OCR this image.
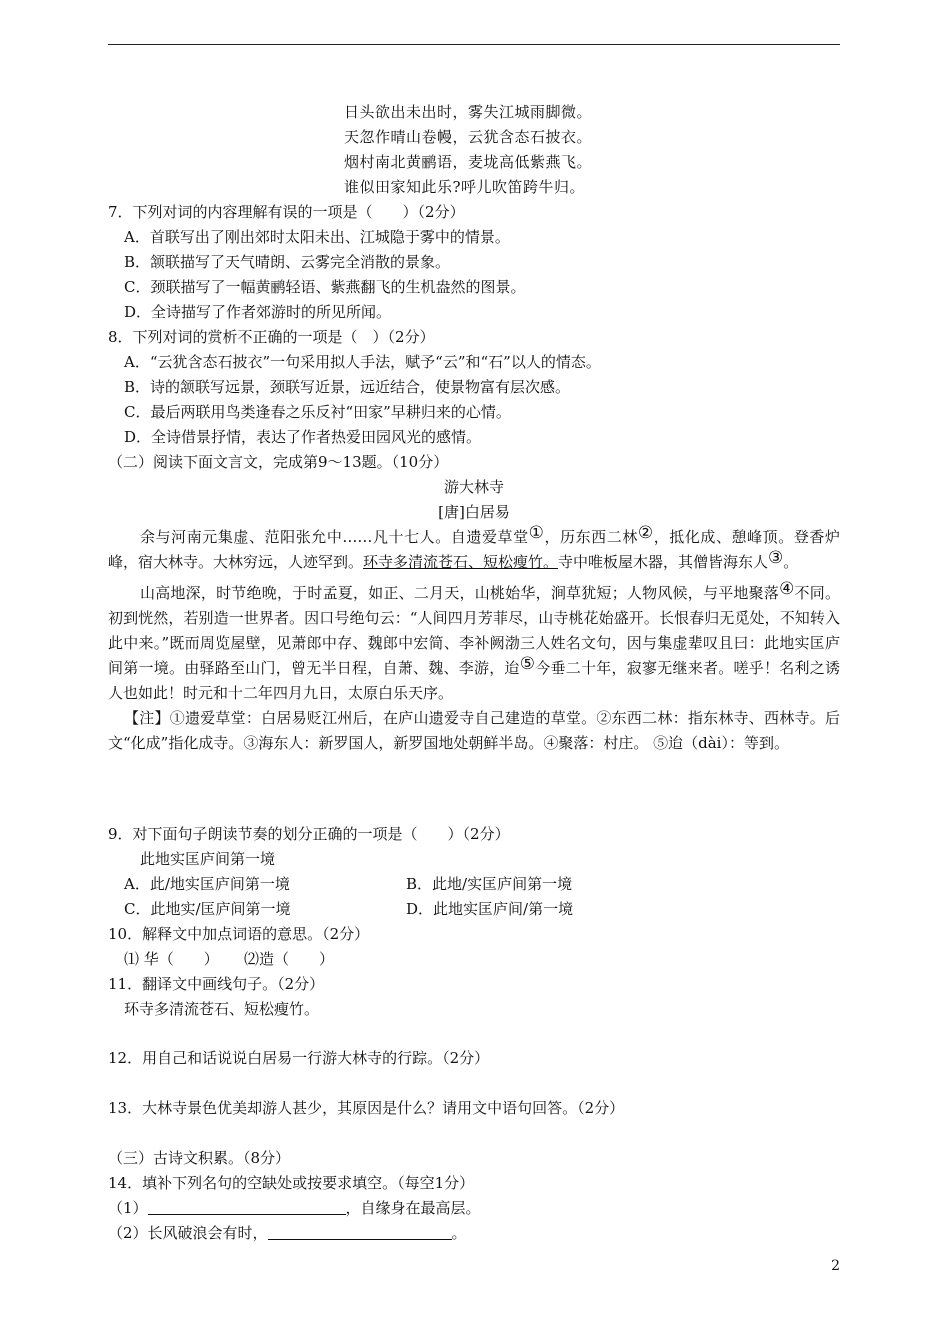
日头欲出未出时，雾失江城雨脚微。
天忽作晴山卷幔，云犹含态石披衣。
烟村南北黄鹂语，麦垅高低紫燕飞。
谁似田家知此乐?呼儿吹笛跨牛归。
7．下列对词的内容理解有误的一项是（　　）（2分）
A．首联写出了刚出郊时太阳未出、江城隐于雾中的情景。
B．颔联描写了天气晴朗、云雾完全消散的景象。
C．颈联描写了一幅黄鹂轻语、紫燕翻飞的生机盎然的图景。
D．全诗描写了作者郊游时的所见所闻。
8．下列对词的赏析不正确的一项是（　）（2分）
A．“云犹含态石披衣”一句采用拟人手法，赋予“云”和“石”以人的情态。
B．诗的颔联写远景，颈联写近景，远近结合，使景物富有层次感。
C．最后两联用鸟类逢春之乐反衬“田家”早耕归来的心情。
D．全诗借景抒情，表达了作者热爱田园风光的感情。
（二）阅读下面文言文，完成第9～13题。（10分）
游大林寺
[唐]白居易
余与河南元集虚、范阳张允中……凡十七人。自遗爱草堂①，历东西二林②，抵化成、憩峰顶。登香炉峰，宿大林寺。大林穷远，人迹罕到。环寺多清流苍石、短松瘦竹。寺中唯板屋木器，其僧皆海东人③。
山高地深，时节绝晚，于时孟夏，如正、二月天，山桃始华，涧草犹短；人物风候，与平地聚落④不同。初到恍然，若别造一世界者。因口号绝句云：“人间四月芳菲尽，山寺桃花始盛开。长恨春归无觅处，不知转入此中来。”既而周览屋壁，见萧郎中存、魏郎中宏简、李补阙渤三人姓名文句，因与集虚辈叹且曰：此地实匡庐间第一境。由驿路至山门，曾无半日程，自萧、魏、李游，迨⑤今垂二十年，寂寥无继来者。嗟乎！名利之诱人也如此！时元和十二年四月九日，太原白乐天序。
【注】①遗爱草堂：白居易贬江州后，在庐山遗爱寺自己建造的草堂。②东西二林：指东林寺、西林寺。后文“化成”指化成寺。③海东人：新罗国人，新罗国地处朝鲜半岛。④聚落：村庄。 ⑤迨（dài）：等到。
9．对下面句子朗读节奏的划分正确的一项是（　　）（2分）
此地实匡庐间第一境
A．此/地实匡庐间第一境	B．此地/实匡庐间第一境
C．此地实/匡庐间第一境	D．此地实匡庐间/第一境
10．解释文中加点词语的意思。（2分）
⑴ 华（　　）	⑵造（　　）
11．翻译文中画线句子。（2分）
环寺多清流苍石、短松瘦竹。
12．用自己和话说说白居易一行游大林寺的行踪。（2分）
13．大林寺景色优美却游人甚少，其原因是什么？请用文中语句回答。（2分）
（三）古诗文积累。（8分）
14．填补下列名句的空缺处或按要求填空。（每空1分）
（1）	，自缘身在最高层。
（2）长风破浪会有时，	。
2
